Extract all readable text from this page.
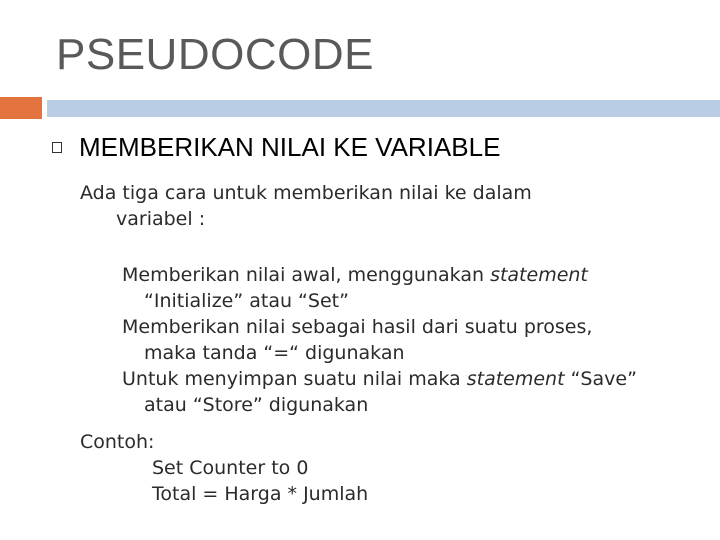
PSEUDOCODE
MEMBERIKAN NILAI KE VARIABLE
Ada tiga cara untuk memberikan nilai ke dalam
variabel :
Memberikan nilai awal, menggunakan statement
“Initialize” atau “Set”
Memberikan nilai sebagai hasil dari suatu proses,
maka tanda “=“ digunakan
Untuk menyimpan suatu nilai maka statement “Save”
atau “Store” digunakan
Contoh:
Set Counter to 0
Total = Harga * Jumlah
